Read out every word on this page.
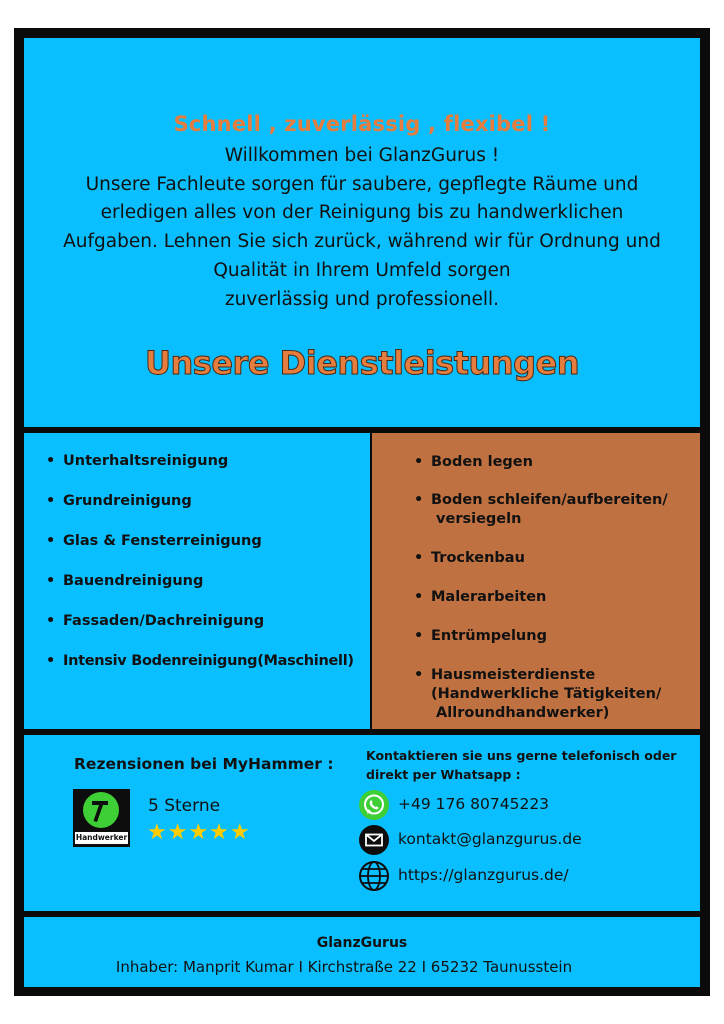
Schnell , zuverlässig , flexibel !
Willkommen bei GlanzGurus !
Unsere Fachleute sorgen für saubere, gepflegte Räume und
erledigen alles von der Reinigung bis zu handwerklichen
Aufgaben. Lehnen Sie sich zurück, während wir für Ordnung und
Qualität in Ihrem Umfeld sorgen
zuverlässig und professionell.
Unsere Dienstleistungen
• Unterhaltsreinigung
• Grundreinigung
• Glas & Fensterreinigung
• Bauendreinigung
• Fassaden/Dachreinigung
• Intensiv Bodenreinigung(Maschinell)
• Boden legen
• Boden schleifen/aufbereiten/
versiegeln
• Trockenbau
• Malerarbeiten
• Entrümpelung
• Hausmeisterdienste
(Handwerkliche Tätigkeiten/
Allroundhandwerker)
Rezensionen bei MyHammer :
Handwerker
5 Sterne
★★★★★
Kontaktieren sie uns gerne telefonisch oder
direkt per Whatsapp :
+49 176 80745223
kontakt@glanzgurus.de
https://glanzgurus.de/
GlanzGurus
Inhaber: Manprit Kumar I Kirchstraße 22 I 65232 Taunusstein
